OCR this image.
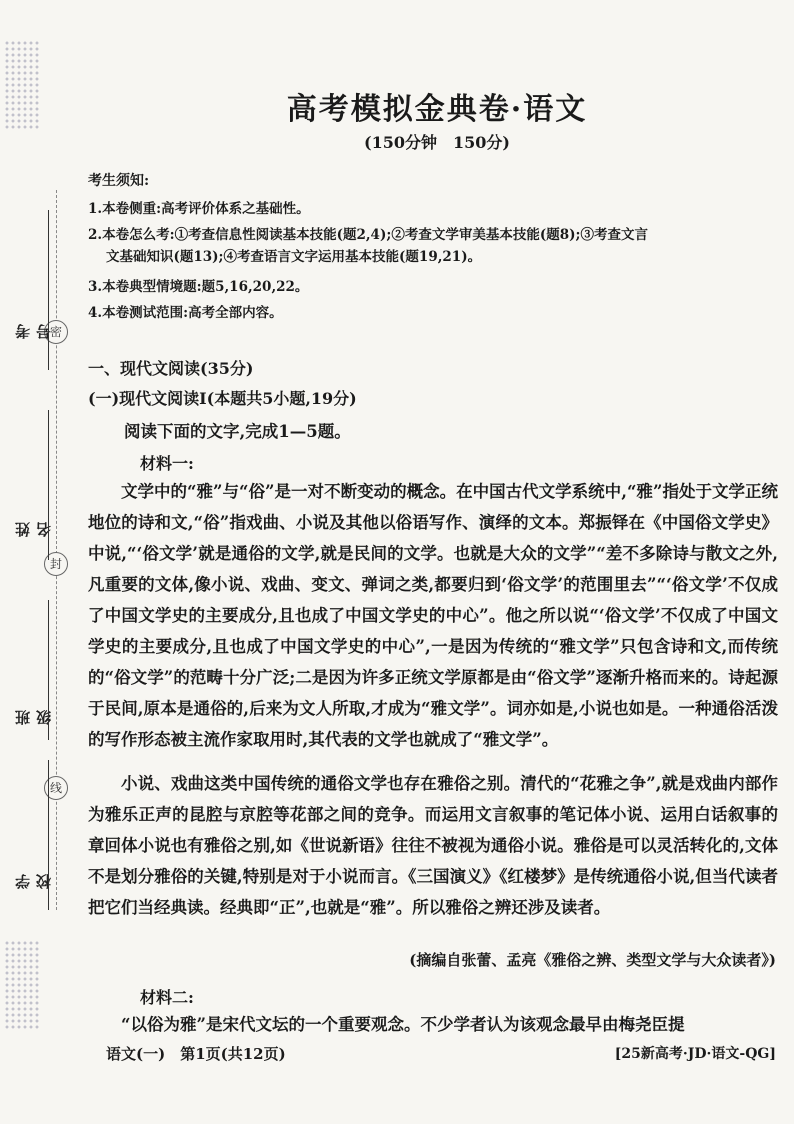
密
封
线
考号
姓名
班级
学校
高考模拟金典卷·语文
(150分钟　150分)
考生须知:
1.本卷侧重:高考评价体系之基础性。
2.本卷怎么考:①考查信息性阅读基本技能(题2,4);②考查文学审美基本技能(题8);③考查文言
文基础知识(题13);④考查语言文字运用基本技能(题19,21)。
3.本卷典型情境题:题5,16,20,22。
4.本卷测试范围:高考全部内容。
一、现代文阅读(35分)
(一)现代文阅读Ⅰ(本题共5小题,19分)
阅读下面的文字,完成1—5题。
材料一:
文学中的“雅”与“俗”是一对不断变动的概念。在中国古代文学系统中,“雅”指处于文学正统地位的诗和文,“俗”指戏曲、小说及其他以俗语写作、演绎的文本。郑振铎在《中国俗文学史》中说,“‘俗文学’就是通俗的文学,就是民间的文学。也就是大众的文学”“差不多除诗与散文之外,凡重要的文体,像小说、戏曲、变文、弹词之类,都要归到‘俗文学’的范围里去”“‘俗文学’不仅成了中国文学史的主要成分,且也成了中国文学史的中心”。他之所以说“‘俗文学’不仅成了中国文学史的主要成分,且也成了中国文学史的中心”,一是因为传统的“雅文学”只包含诗和文,而传统的“俗文学”的范畴十分广泛;二是因为许多正统文学原都是由“俗文学”逐渐升格而来的。诗起源于民间,原本是通俗的,后来为文人所取,才成为“雅文学”。词亦如是,小说也如是。一种通俗活泼的写作形态被主流作家取用时,其代表的文学也就成了“雅文学”。
小说、戏曲这类中国传统的通俗文学也存在雅俗之别。清代的“花雅之争”,就是戏曲内部作为雅乐正声的昆腔与京腔等花部之间的竞争。而运用文言叙事的笔记体小说、运用白话叙事的章回体小说也有雅俗之别,如《世说新语》往往不被视为通俗小说。雅俗是可以灵活转化的,文体不是划分雅俗的关键,特别是对于小说而言。《三国演义》《红楼梦》是传统通俗小说,但当代读者把它们当经典读。经典即“正”,也就是“雅”。所以雅俗之辨还涉及读者。
(摘编自张蕾、孟亮《雅俗之辨、类型文学与大众读者》)
材料二:
“以俗为雅”是宋代文坛的一个重要观念。不少学者认为该观念最早由梅尧臣提
语文(一)　第1页(共12页)	[25新高考·JD·语文-QG]
